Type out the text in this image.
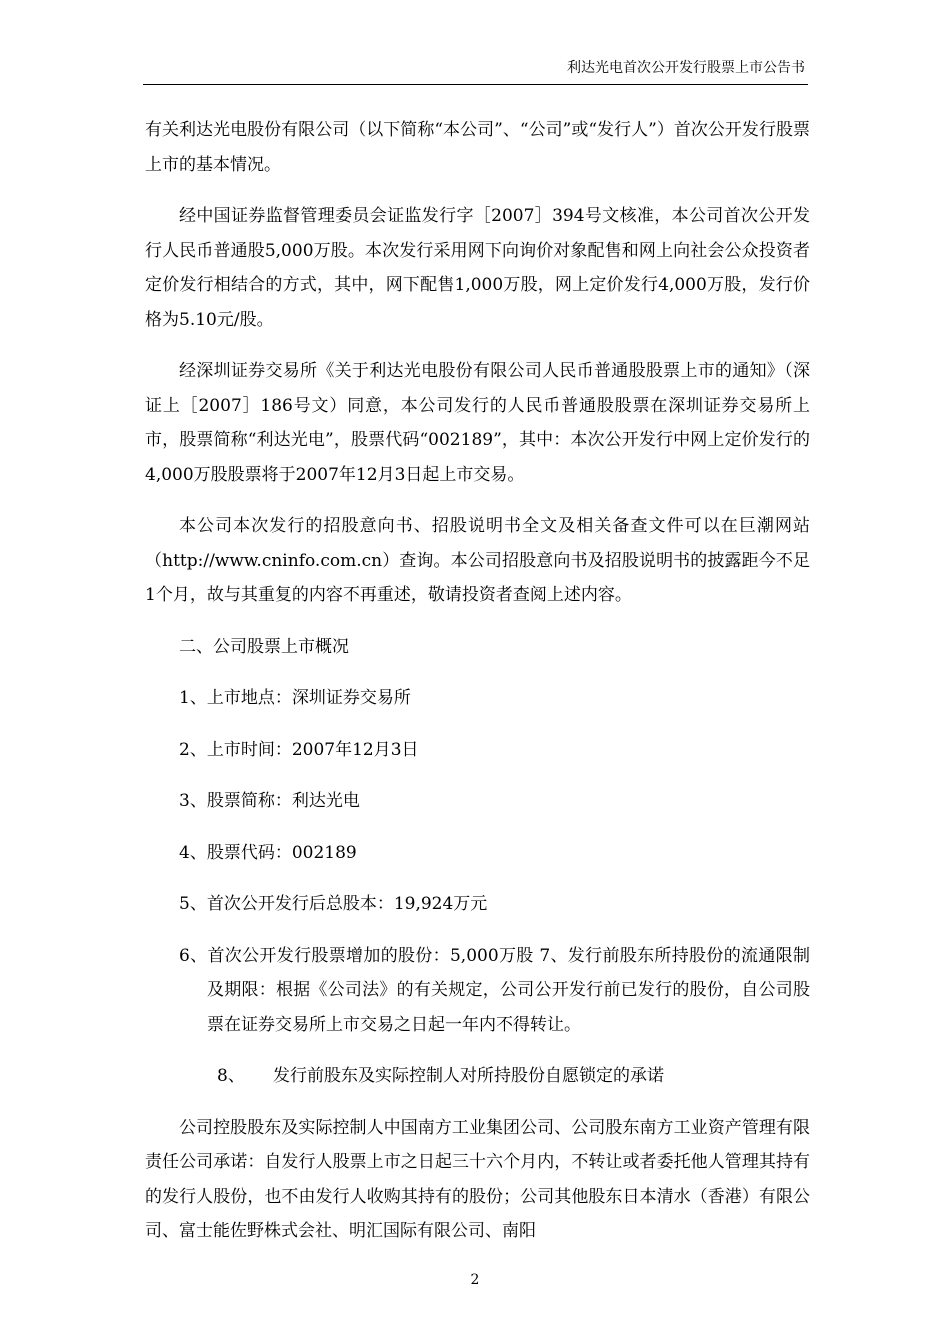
利达光电首次公开发行股票上市公告书

有关利达光电股份有限公司（以下简称“本公司”、“公司”或“发行人”）首次公开发行股票上市的基本情况。

经中国证券监督管理委员会证监发行字［2007］394号文核准，本公司首次公开发行人民币普通股5,000万股。本次发行采用网下向询价对象配售和网上向社会公众投资者定价发行相结合的方式，其中，网下配售1,000万股，网上定价发行4,000万股，发行价格为5.10元/股。

经深圳证券交易所《关于利达光电股份有限公司人民币普通股股票上市的通知》（深证上［2007］186号文）同意，本公司发行的人民币普通股股票在深圳证券交易所上市，股票简称“利达光电”，股票代码“002189”，其中：本次公开发行中网上定价发行的4,000万股股票将于2007年12月3日起上市交易。

本公司本次发行的招股意向书、招股说明书全文及相关备查文件可以在巨潮网站（http://www.cninfo.com.cn）查询。本公司招股意向书及招股说明书的披露距今不足1个月，故与其重复的内容不再重述，敬请投资者查阅上述内容。

二、公司股票上市概况

1、上市地点：深圳证券交易所

2、上市时间：2007年12月3日

3、股票简称：利达光电

4、股票代码：002189

5、首次公开发行后总股本：19,924万元

6、首次公开发行股票增加的股份：5,000万股 7、发行前股东所持股份的流通限制及期限：根据《公司法》的有关规定，公司公开发行前已发行的股份，自公司股票在证券交易所上市交易之日起一年内不得转让。

8、 发行前股东及实际控制人对所持股份自愿锁定的承诺

公司控股股东及实际控制人中国南方工业集团公司、公司股东南方工业资产管理有限责任公司承诺：自发行人股票上市之日起三十六个月内，不转让或者委托他人管理其持有的发行人股份，也不由发行人收购其持有的股份；公司其他股东日本清水（香港）有限公司、富士能佐野株式会社、明汇国际有限公司、南阳

2
